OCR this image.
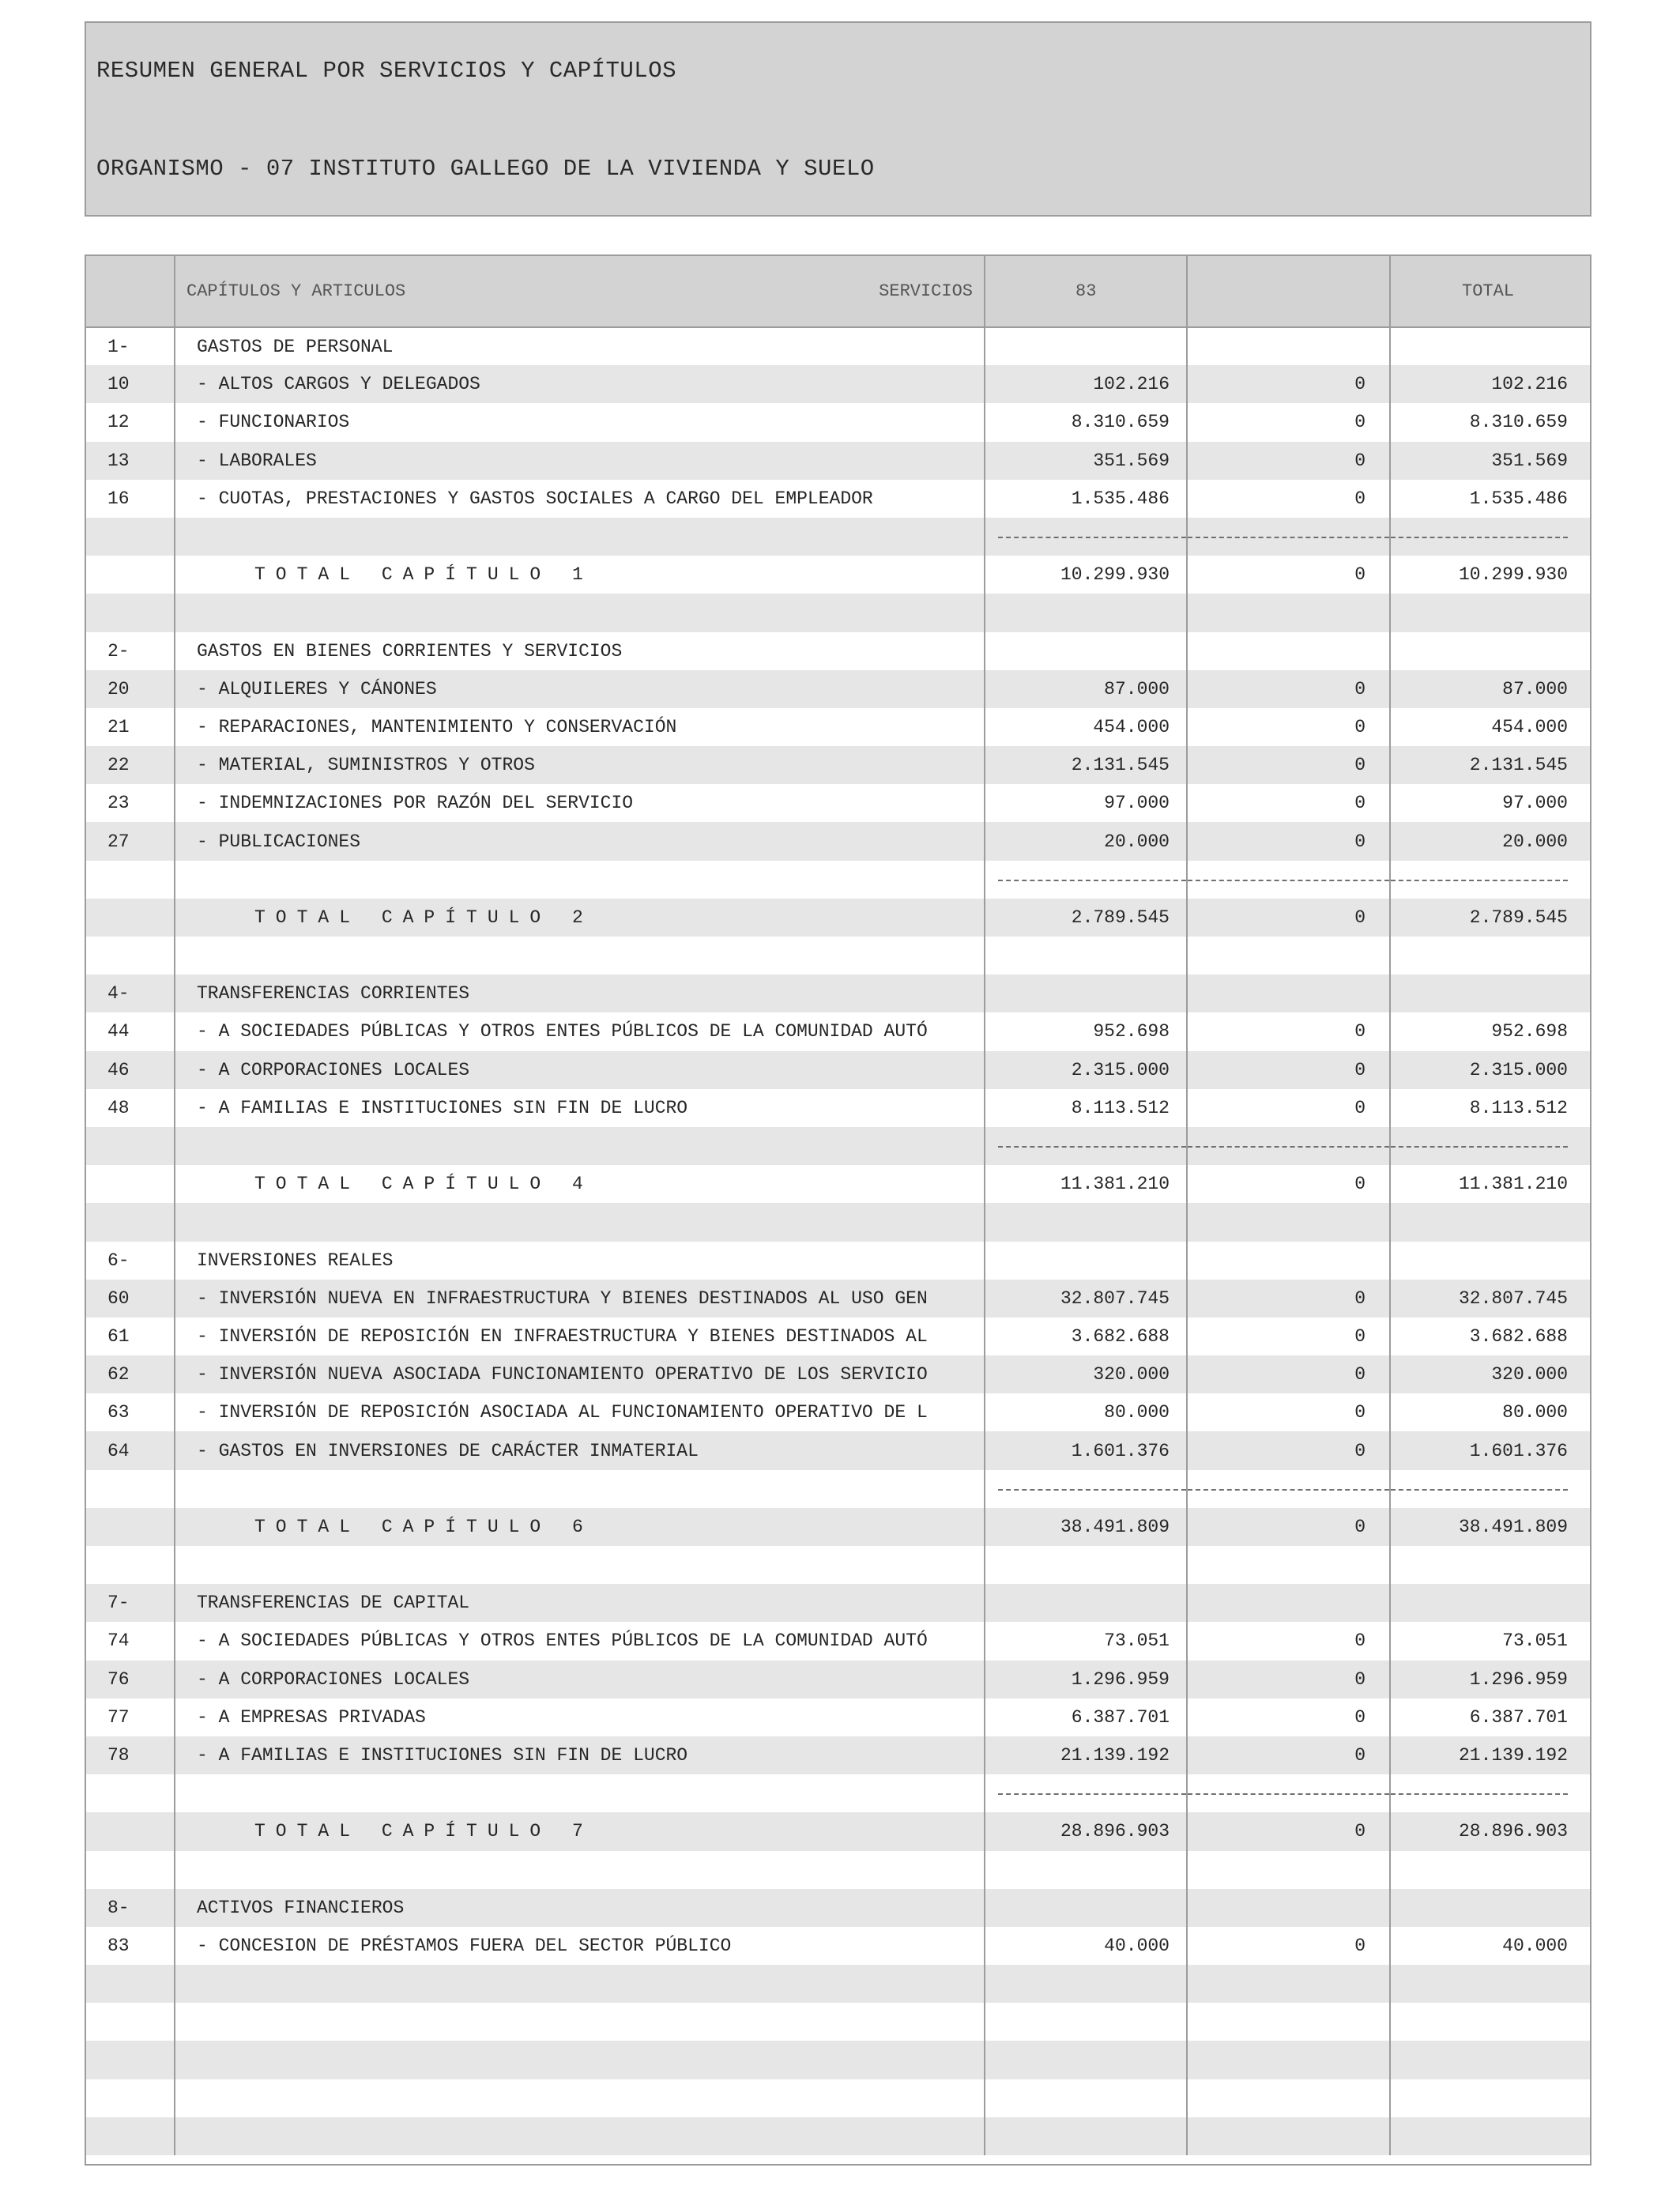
RESUMEN GENERAL POR SERVICIOS Y CAPÍTULOS
ORGANISMO - 07 INSTITUTO GALLEGO DE LA VIVIENDA Y SUELO

	CAPÍTULOS Y ARTICULOS SERVICIOS	83		TOTAL
1-	GASTOS DE PERSONAL			
10	- ALTOS CARGOS Y DELEGADOS	102.216	0	102.216
12	- FUNCIONARIOS	8.310.659	0	8.310.659
13	- LABORALES	351.569	0	351.569
16	- CUOTAS, PRESTACIONES Y GASTOS SOCIALES A CARGO DEL EMPLEADOR	1.535.486	0	1.535.486

	TOTAL CAPÍTULO 1	10.299.930	0	10.299.930

2-	GASTOS EN BIENES CORRIENTES Y SERVICIOS			
20	- ALQUILERES Y CÁNONES	87.000	0	87.000
21	- REPARACIONES, MANTENIMIENTO Y CONSERVACIÓN	454.000	0	454.000
22	- MATERIAL, SUMINISTROS Y OTROS	2.131.545	0	2.131.545
23	- INDEMNIZACIONES POR RAZÓN DEL SERVICIO	97.000	0	97.000
27	- PUBLICACIONES	20.000	0	20.000

	TOTAL CAPÍTULO 2	2.789.545	0	2.789.545

4-	TRANSFERENCIAS CORRIENTES			
44	- A SOCIEDADES PÚBLICAS Y OTROS ENTES PÚBLICOS DE LA COMUNIDAD AUTÓ	952.698	0	952.698
46	- A CORPORACIONES LOCALES	2.315.000	0	2.315.000
48	- A FAMILIAS E INSTITUCIONES SIN FIN DE LUCRO	8.113.512	0	8.113.512

	TOTAL CAPÍTULO 4	11.381.210	0	11.381.210

6-	INVERSIONES REALES			
60	- INVERSIÓN NUEVA EN INFRAESTRUCTURA Y BIENES DESTINADOS AL USO GEN	32.807.745	0	32.807.745
61	- INVERSIÓN DE REPOSICIÓN EN INFRAESTRUCTURA Y BIENES DESTINADOS AL	3.682.688	0	3.682.688
62	- INVERSIÓN NUEVA ASOCIADA FUNCIONAMIENTO OPERATIVO DE LOS SERVICIO	320.000	0	320.000
63	- INVERSIÓN DE REPOSICIÓN ASOCIADA AL FUNCIONAMIENTO OPERATIVO DE L	80.000	0	80.000
64	- GASTOS EN INVERSIONES DE CARÁCTER INMATERIAL	1.601.376	0	1.601.376

	TOTAL CAPÍTULO 6	38.491.809	0	38.491.809

7-	TRANSFERENCIAS DE CAPITAL			
74	- A SOCIEDADES PÚBLICAS Y OTROS ENTES PÚBLICOS DE LA COMUNIDAD AUTÓ	73.051	0	73.051
76	- A CORPORACIONES LOCALES	1.296.959	0	1.296.959
77	- A EMPRESAS PRIVADAS	6.387.701	0	6.387.701
78	- A FAMILIAS E INSTITUCIONES SIN FIN DE LUCRO	21.139.192	0	21.139.192

	TOTAL CAPÍTULO 7	28.896.903	0	28.896.903

8-	ACTIVOS FINANCIEROS			
83	- CONCESION DE PRÉSTAMOS FUERA DEL SECTOR PÚBLICO	40.000	0	40.000
